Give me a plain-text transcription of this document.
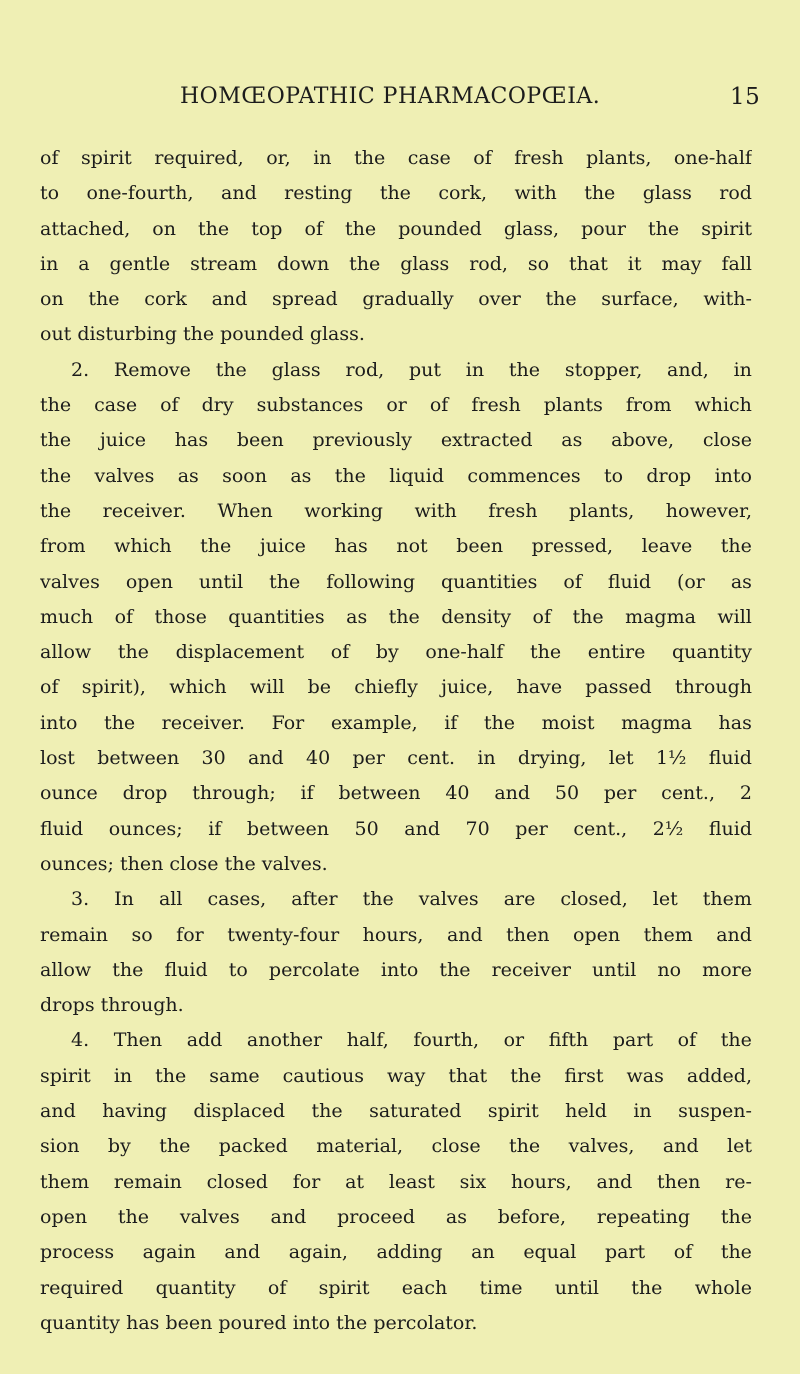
HOMŒOPATHIC PHARMACOPŒIA.	15
of spirit required, or, in the case of fresh plants, one-half
to one-fourth, and resting the cork, with the glass rod
attached, on the top of the pounded glass, pour the spirit
in a gentle stream down the glass rod, so that it may fall
on the cork and spread gradually over the surface, with-
out disturbing the pounded glass.
2. Remove the glass rod, put in the stopper, and, in
the case of dry substances or of fresh plants from which
the juice has been previously extracted as above, close
the valves as soon as the liquid commences to drop into
the receiver. When working with fresh plants, however,
from which the juice has not been pressed, leave the
valves open until the following quantities of fluid (or as
much of those quantities as the density of the magma will
allow the displacement of by one-half the entire quantity
of spirit), which will be chiefly juice, have passed through
into the receiver. For example, if the moist magma has
lost between 30 and 40 per cent. in drying, let 1½ fluid
ounce drop through; if between 40 and 50 per cent., 2
fluid ounces; if between 50 and 70 per cent., 2½ fluid
ounces; then close the valves.
3. In all cases, after the valves are closed, let them
remain so for twenty-four hours, and then open them and
allow the fluid to percolate into the receiver until no more
drops through.
4. Then add another half, fourth, or fifth part of the
spirit in the same cautious way that the first was added,
and having displaced the saturated spirit held in suspen-
sion by the packed material, close the valves, and let
them remain closed for at least six hours, and then re-
open the valves and proceed as before, repeating the
process again and again, adding an equal part of the
required quantity of spirit each time until the whole
quantity has been poured into the percolator.
